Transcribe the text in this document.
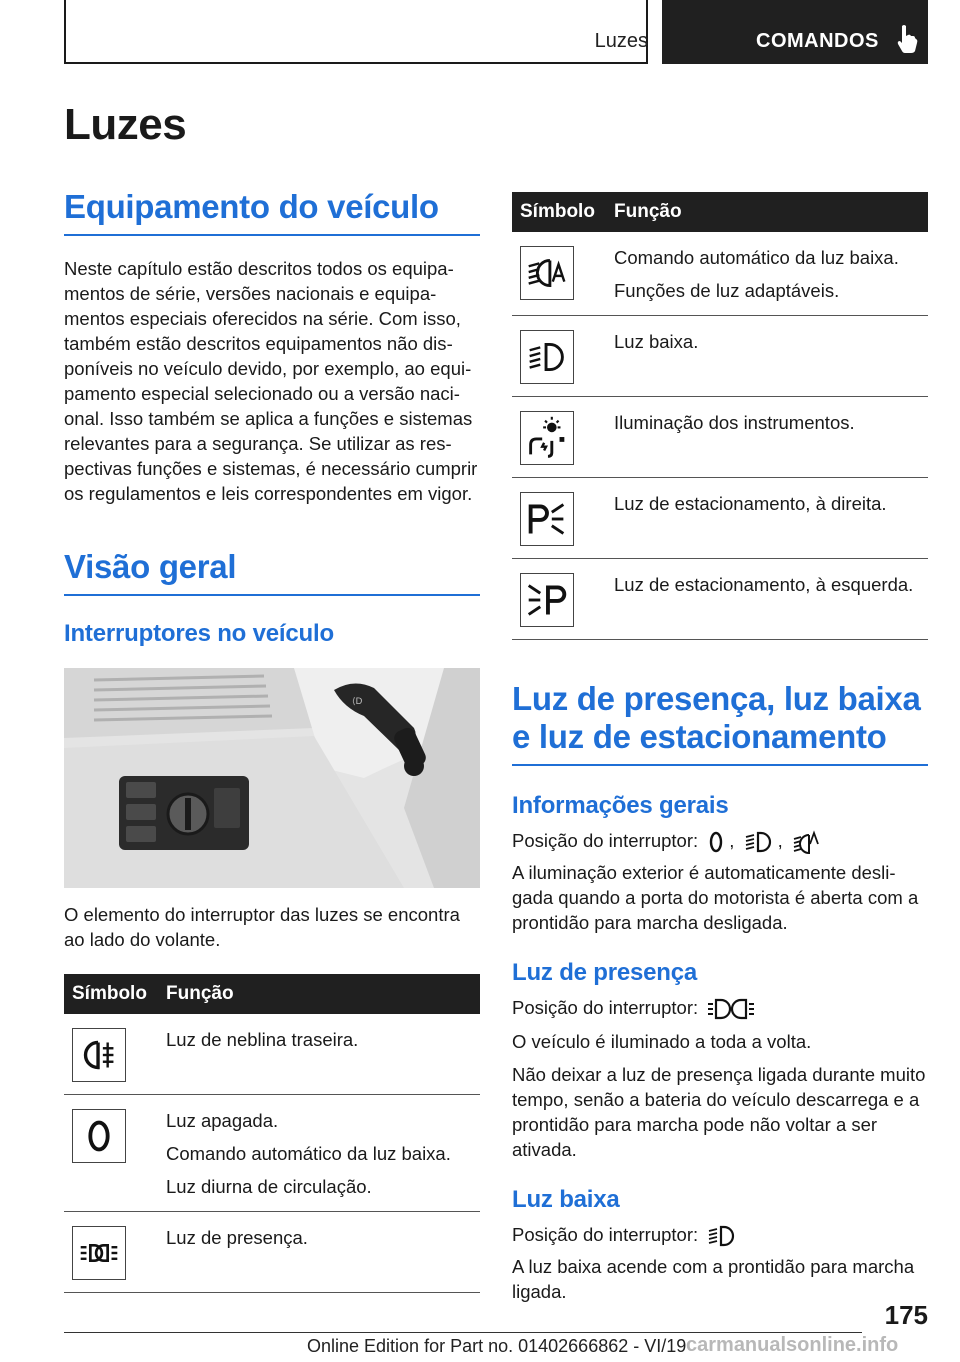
Luzes	COMANDOS
Luzes
Equipamento do veículo

Neste capítulo estão descritos todos os equipamentos de série, versões nacionais e equipamentos especiais oferecidos na série. Com isso, também estão descritos equipamentos não disponíveis no veículo devido, por exemplo, ao equipamento especial selecionado ou a versão nacional. Isso também se aplica a funções e sistemas relevantes para a segurança. Se utilizar as respectivas funções e sistemas, é necessário cumprir os regulamentos e leis correspondentes em vigor.

Visão geral
Interruptores no veículo
⟨D

O elemento do interruptor das luzes se encontra ao lado do volante.

Símbolo	Função

Luz de neblina traseira.

Luz apagada.
Comando automático da luz baixa.
Luz diurna de circulação.

Luz de presença.
Símbolo	Função

Comando automático da luz baixa.
Funções de luz adaptáveis.

Luz baixa.

Iluminação dos instrumentos.

Luz de estacionamento, à direita.

Luz de estacionamento, à esquerda.
Luz de presença, luz baixa e luz de estacionamento
Informações gerais

Posição do interruptor: , ,

A iluminação exterior é automaticamente desligada quando a porta do motorista é aberta com a prontidão para marcha desligada.

Luz de presença

Posição do interruptor:

O veículo é iluminado a toda a volta.

Não deixar a luz de presença ligada durante muito tempo, senão a bateria do veículo descarrega e a prontidão para marcha pode não voltar a ser ativada.

Luz baixa

Posição do interruptor:

A luz baixa acende com a prontidão para marcha ligada.

175
Online Edition for Part no. 01402666862 - VI/19 carmanualsonline.info
